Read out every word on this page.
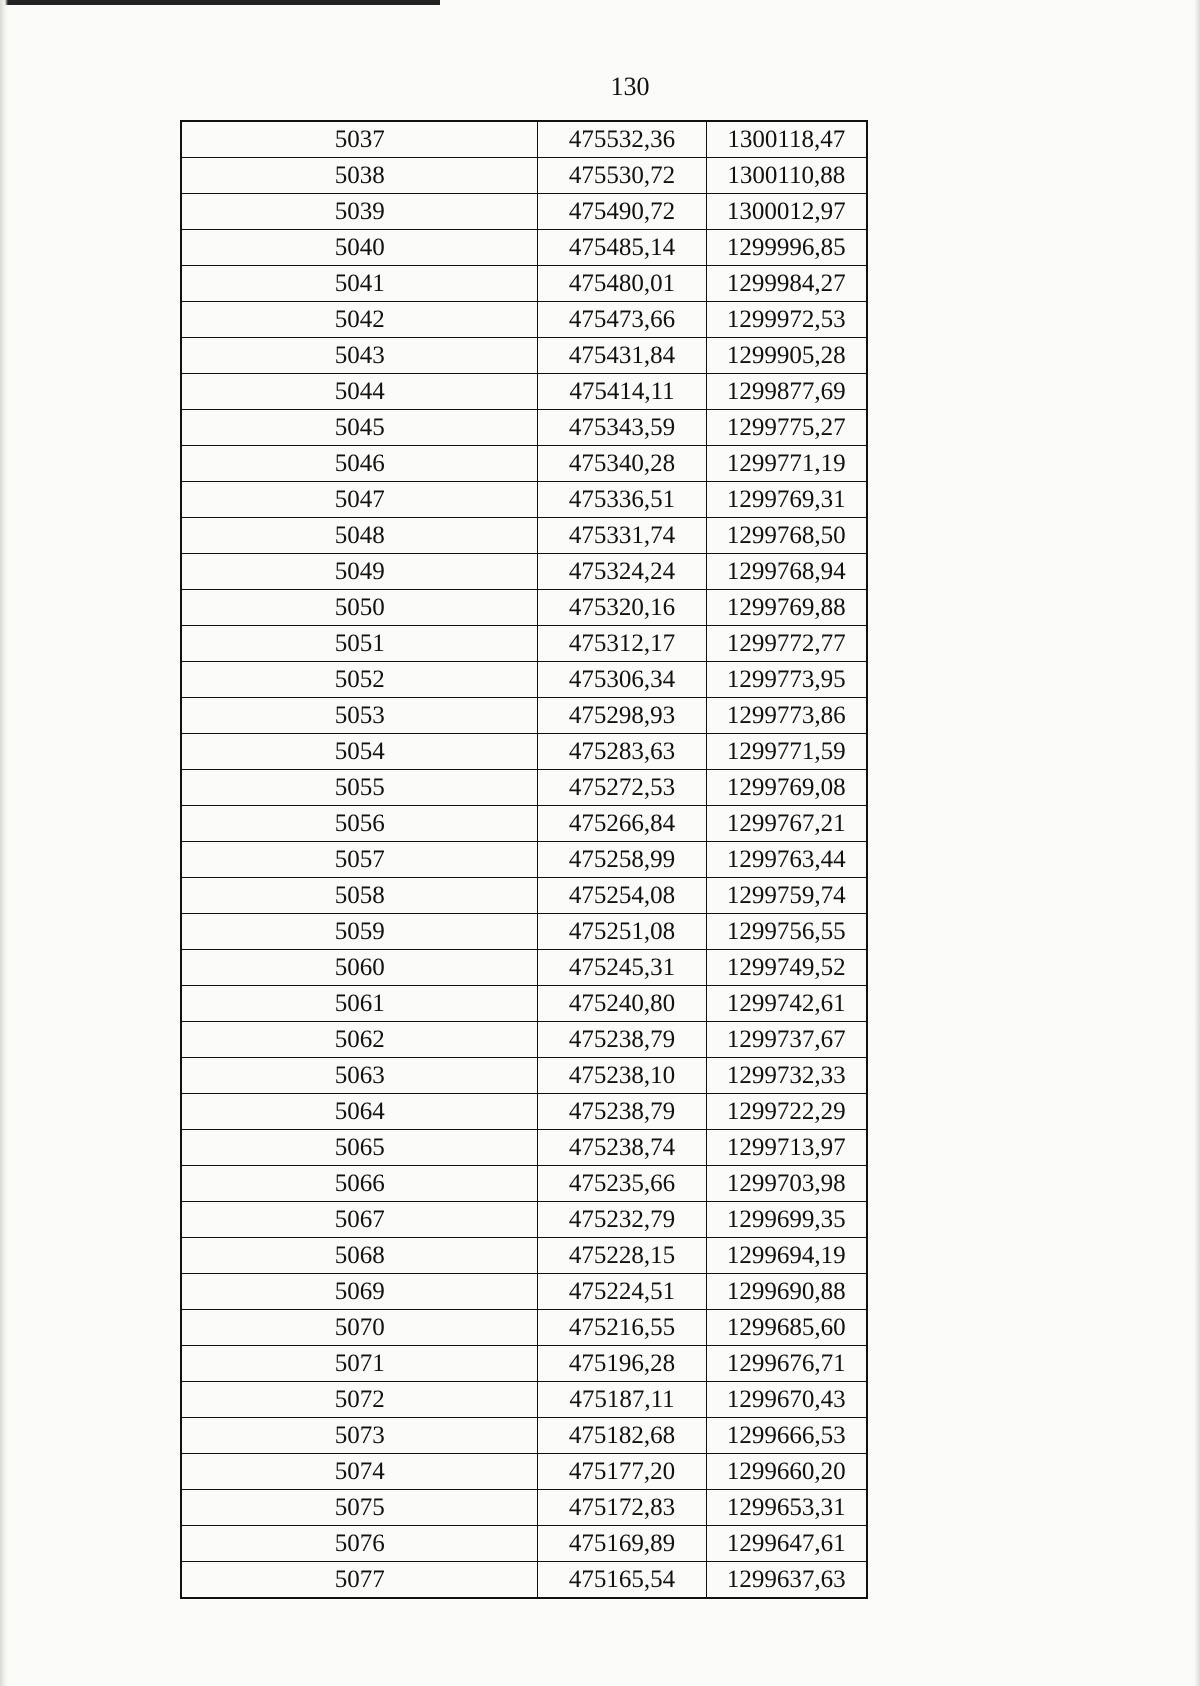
130
5037	475532,36	1300118,47
5038	475530,72	1300110,88
5039	475490,72	1300012,97
5040	475485,14	1299996,85
5041	475480,01	1299984,27
5042	475473,66	1299972,53
5043	475431,84	1299905,28
5044	475414,11	1299877,69
5045	475343,59	1299775,27
5046	475340,28	1299771,19
5047	475336,51	1299769,31
5048	475331,74	1299768,50
5049	475324,24	1299768,94
5050	475320,16	1299769,88
5051	475312,17	1299772,77
5052	475306,34	1299773,95
5053	475298,93	1299773,86
5054	475283,63	1299771,59
5055	475272,53	1299769,08
5056	475266,84	1299767,21
5057	475258,99	1299763,44
5058	475254,08	1299759,74
5059	475251,08	1299756,55
5060	475245,31	1299749,52
5061	475240,80	1299742,61
5062	475238,79	1299737,67
5063	475238,10	1299732,33
5064	475238,79	1299722,29
5065	475238,74	1299713,97
5066	475235,66	1299703,98
5067	475232,79	1299699,35
5068	475228,15	1299694,19
5069	475224,51	1299690,88
5070	475216,55	1299685,60
5071	475196,28	1299676,71
5072	475187,11	1299670,43
5073	475182,68	1299666,53
5074	475177,20	1299660,20
5075	475172,83	1299653,31
5076	475169,89	1299647,61
5077	475165,54	1299637,63
